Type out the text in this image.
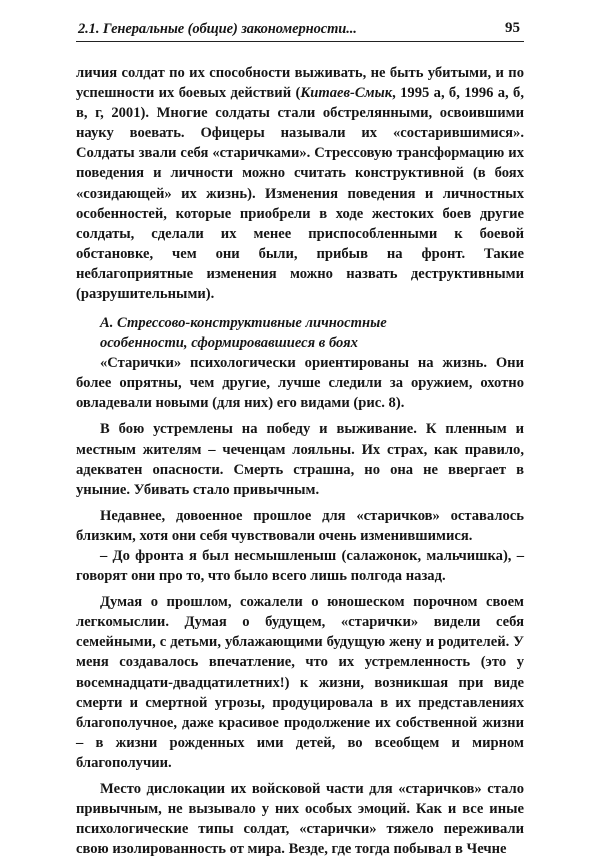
2.1. Генеральные (общие) закономерности...	95

личия солдат по их способности выживать, не быть убитыми, и по успешности их боевых действий (Китаев-Смык, 1995 а, б, 1996 а, б, в, г, 2001). Многие солдаты стали обстрелянными, освоившими науку воевать. Офицеры называли их «состарившимися». Солдаты звали себя «старичками». Стрессовую трансформацию их поведения и личности можно считать конструктивной (в боях «созидающей» их жизнь). Изменения поведения и личностных особенностей, которые приобрели в ходе жестоких боев другие солдаты, сделали их менее приспособленными к боевой обстановке, чем они были, прибыв на фронт. Такие неблагоприятные изменения можно назвать деструктивными (разрушительными).

А. Стрессово-конструктивные личностные
особенности, сформировавшиеся в боях

«Старички» психологически ориентированы на жизнь. Они более опрятны, чем другие, лучше следили за оружием, охотно овладевали новыми (для них) его видами (рис. 8).

В бою устремлены на победу и выживание. К пленным и местным жителям – чеченцам лояльны. Их страх, как правило, адекватен опасности. Смерть страшна, но она не ввергает в уныние. Убивать стало привычным.

Недавнее, довоенное прошлое для «старичков» оставалось близким, хотя они себя чувствовали очень изменившимися.

– До фронта я был несмышленыш (салажонок, мальчишка), – говорят они про то, что было всего лишь полгода назад.

Думая о прошлом, сожалели о юношеском порочном своем легкомыслии. Думая о будущем, «старички» видели себя семейными, с детьми, ублажающими будущую жену и родителей. У меня создавалось впечатление, что их устремленность (это у восемнадцати-двадцатилетних!) к жизни, возникшая при виде смерти и смертной угрозы, продуцировала в их представлениях благополучное, даже красивое продолжение их собственной жизни – в жизни рожденных ими детей, во всеобщем и мирном благополучии.

Место дислокации их войсковой части для «старичков» стало привычным, не вызывало у них особых эмоций. Как и все иные психологические типы солдат, «старички» тяжело переживали свою изолированность от мира. Везде, где тогда побывал в Чечне
